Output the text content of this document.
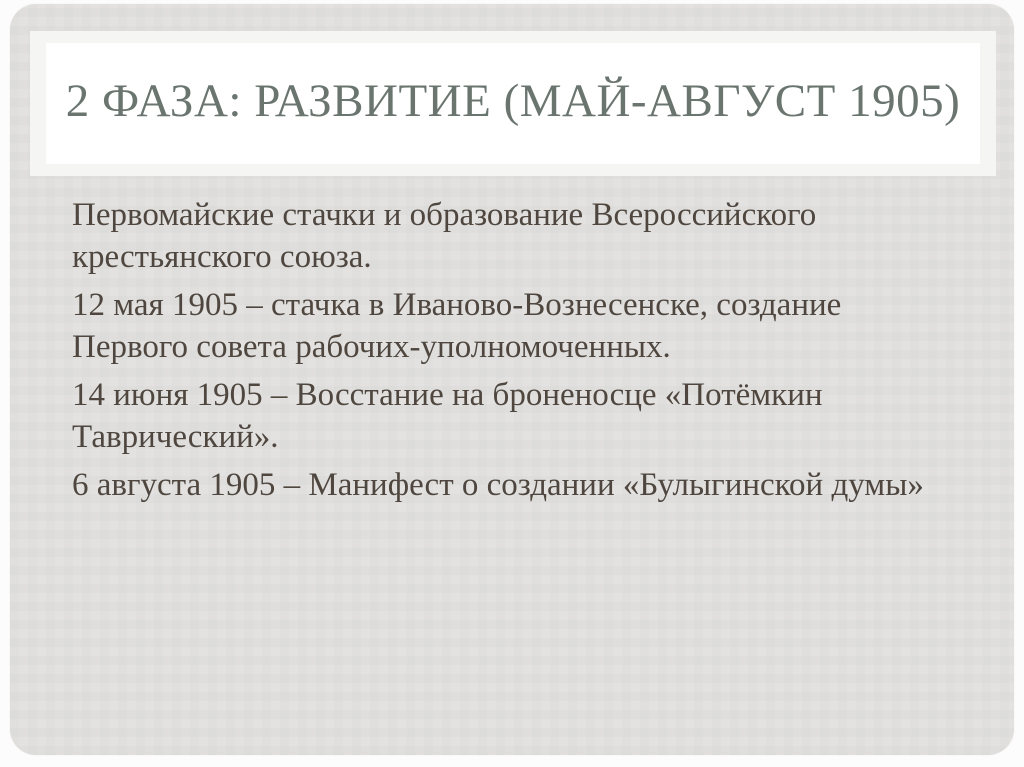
2 ФАЗА: РАЗВИТИЕ (МАЙ-АВГУСТ 1905)
Первомайские стачки и образование Всероссийского
крестьянского союза.
12 мая 1905 – стачка в Иваново-Вознесенске, создание
Первого совета рабочих-уполномоченных.
14 июня 1905 – Восстание на броненосце «Потёмкин
Таврический».
6 августа 1905 – Манифест о создании «Булыгинской думы»
